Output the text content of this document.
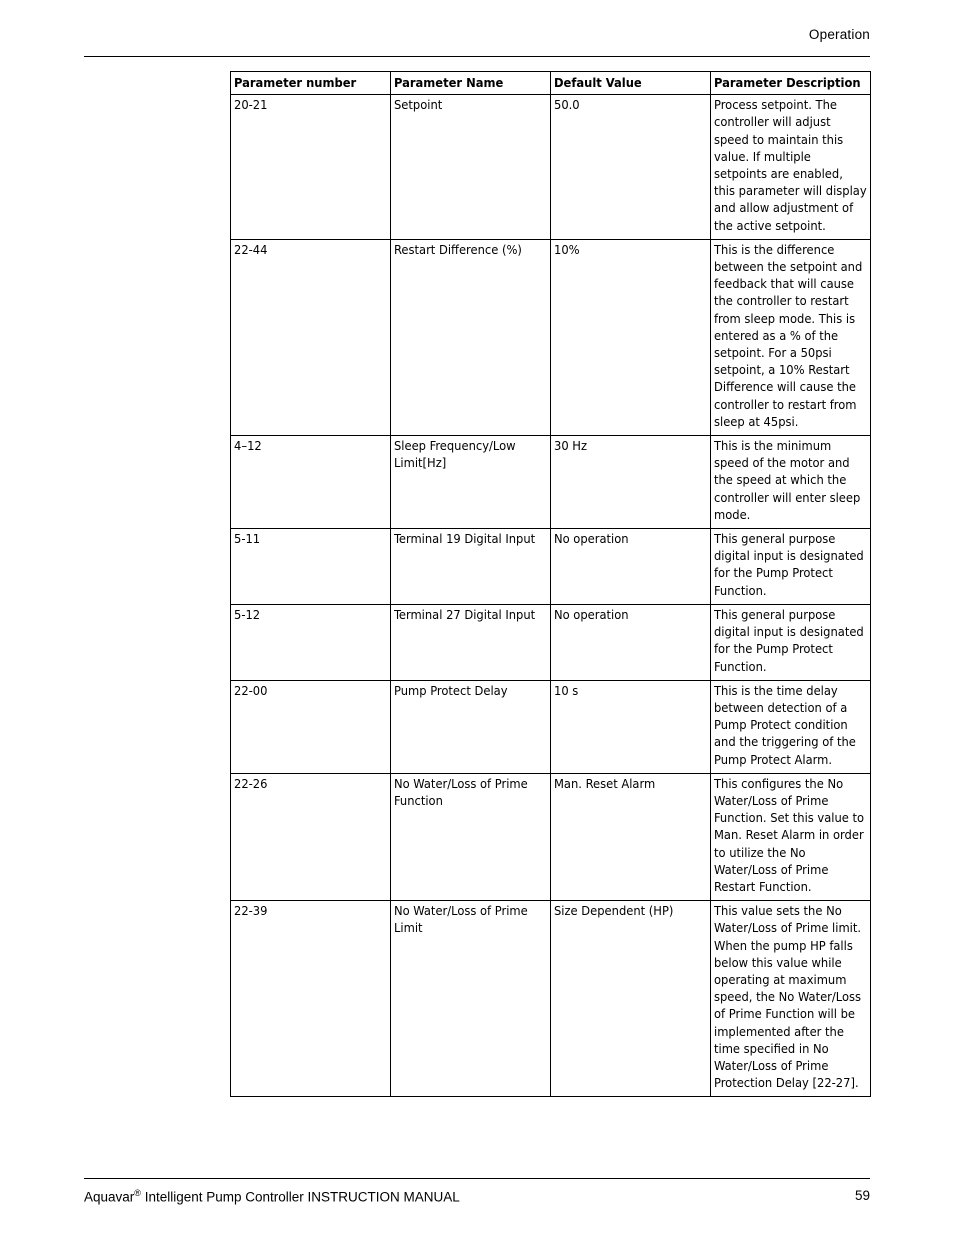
Operation
Parameter number	Parameter Name	Default Value	Parameter Description
20-21	Setpoint	50.0	Process setpoint. The controller will adjust speed to maintain this value. If multiple setpoints are enabled, this parameter will display and allow adjustment of the active setpoint.
22-44	Restart Difference (%)	10%	This is the difference between the setpoint and feedback that will cause the controller to restart from sleep mode. This is entered as a % of the setpoint. For a 50psi setpoint, a 10% Restart Difference will cause the controller to restart from sleep at 45psi.
4–12	Sleep Frequency/Low Limit[Hz]	30 Hz	This is the minimum speed of the motor and the speed at which the controller will enter sleep mode.
5-11	Terminal 19 Digital Input	No operation	This general purpose digital input is designated for the Pump Protect Function.
5-12	Terminal 27 Digital Input	No operation	This general purpose digital input is designated for the Pump Protect Function.
22-00	Pump Protect Delay	10 s	This is the time delay between detection of a Pump Protect condition and the triggering of the Pump Protect Alarm.
22-26	No Water/Loss of Prime Function	Man. Reset Alarm	This configures the No Water/Loss of Prime Function. Set this value to Man. Reset Alarm in order to utilize the No Water/Loss of Prime Restart Function.
22-39	No Water/Loss of Prime Limit	Size Dependent (HP)	This value sets the No Water/Loss of Prime limit. When the pump HP falls below this value while operating at maximum speed, the No Water/Loss of Prime Function will be implemented after the time specified in No Water/Loss of Prime Protection Delay [22-27].
Aquavar® Intelligent Pump Controller INSTRUCTION MANUAL	59
